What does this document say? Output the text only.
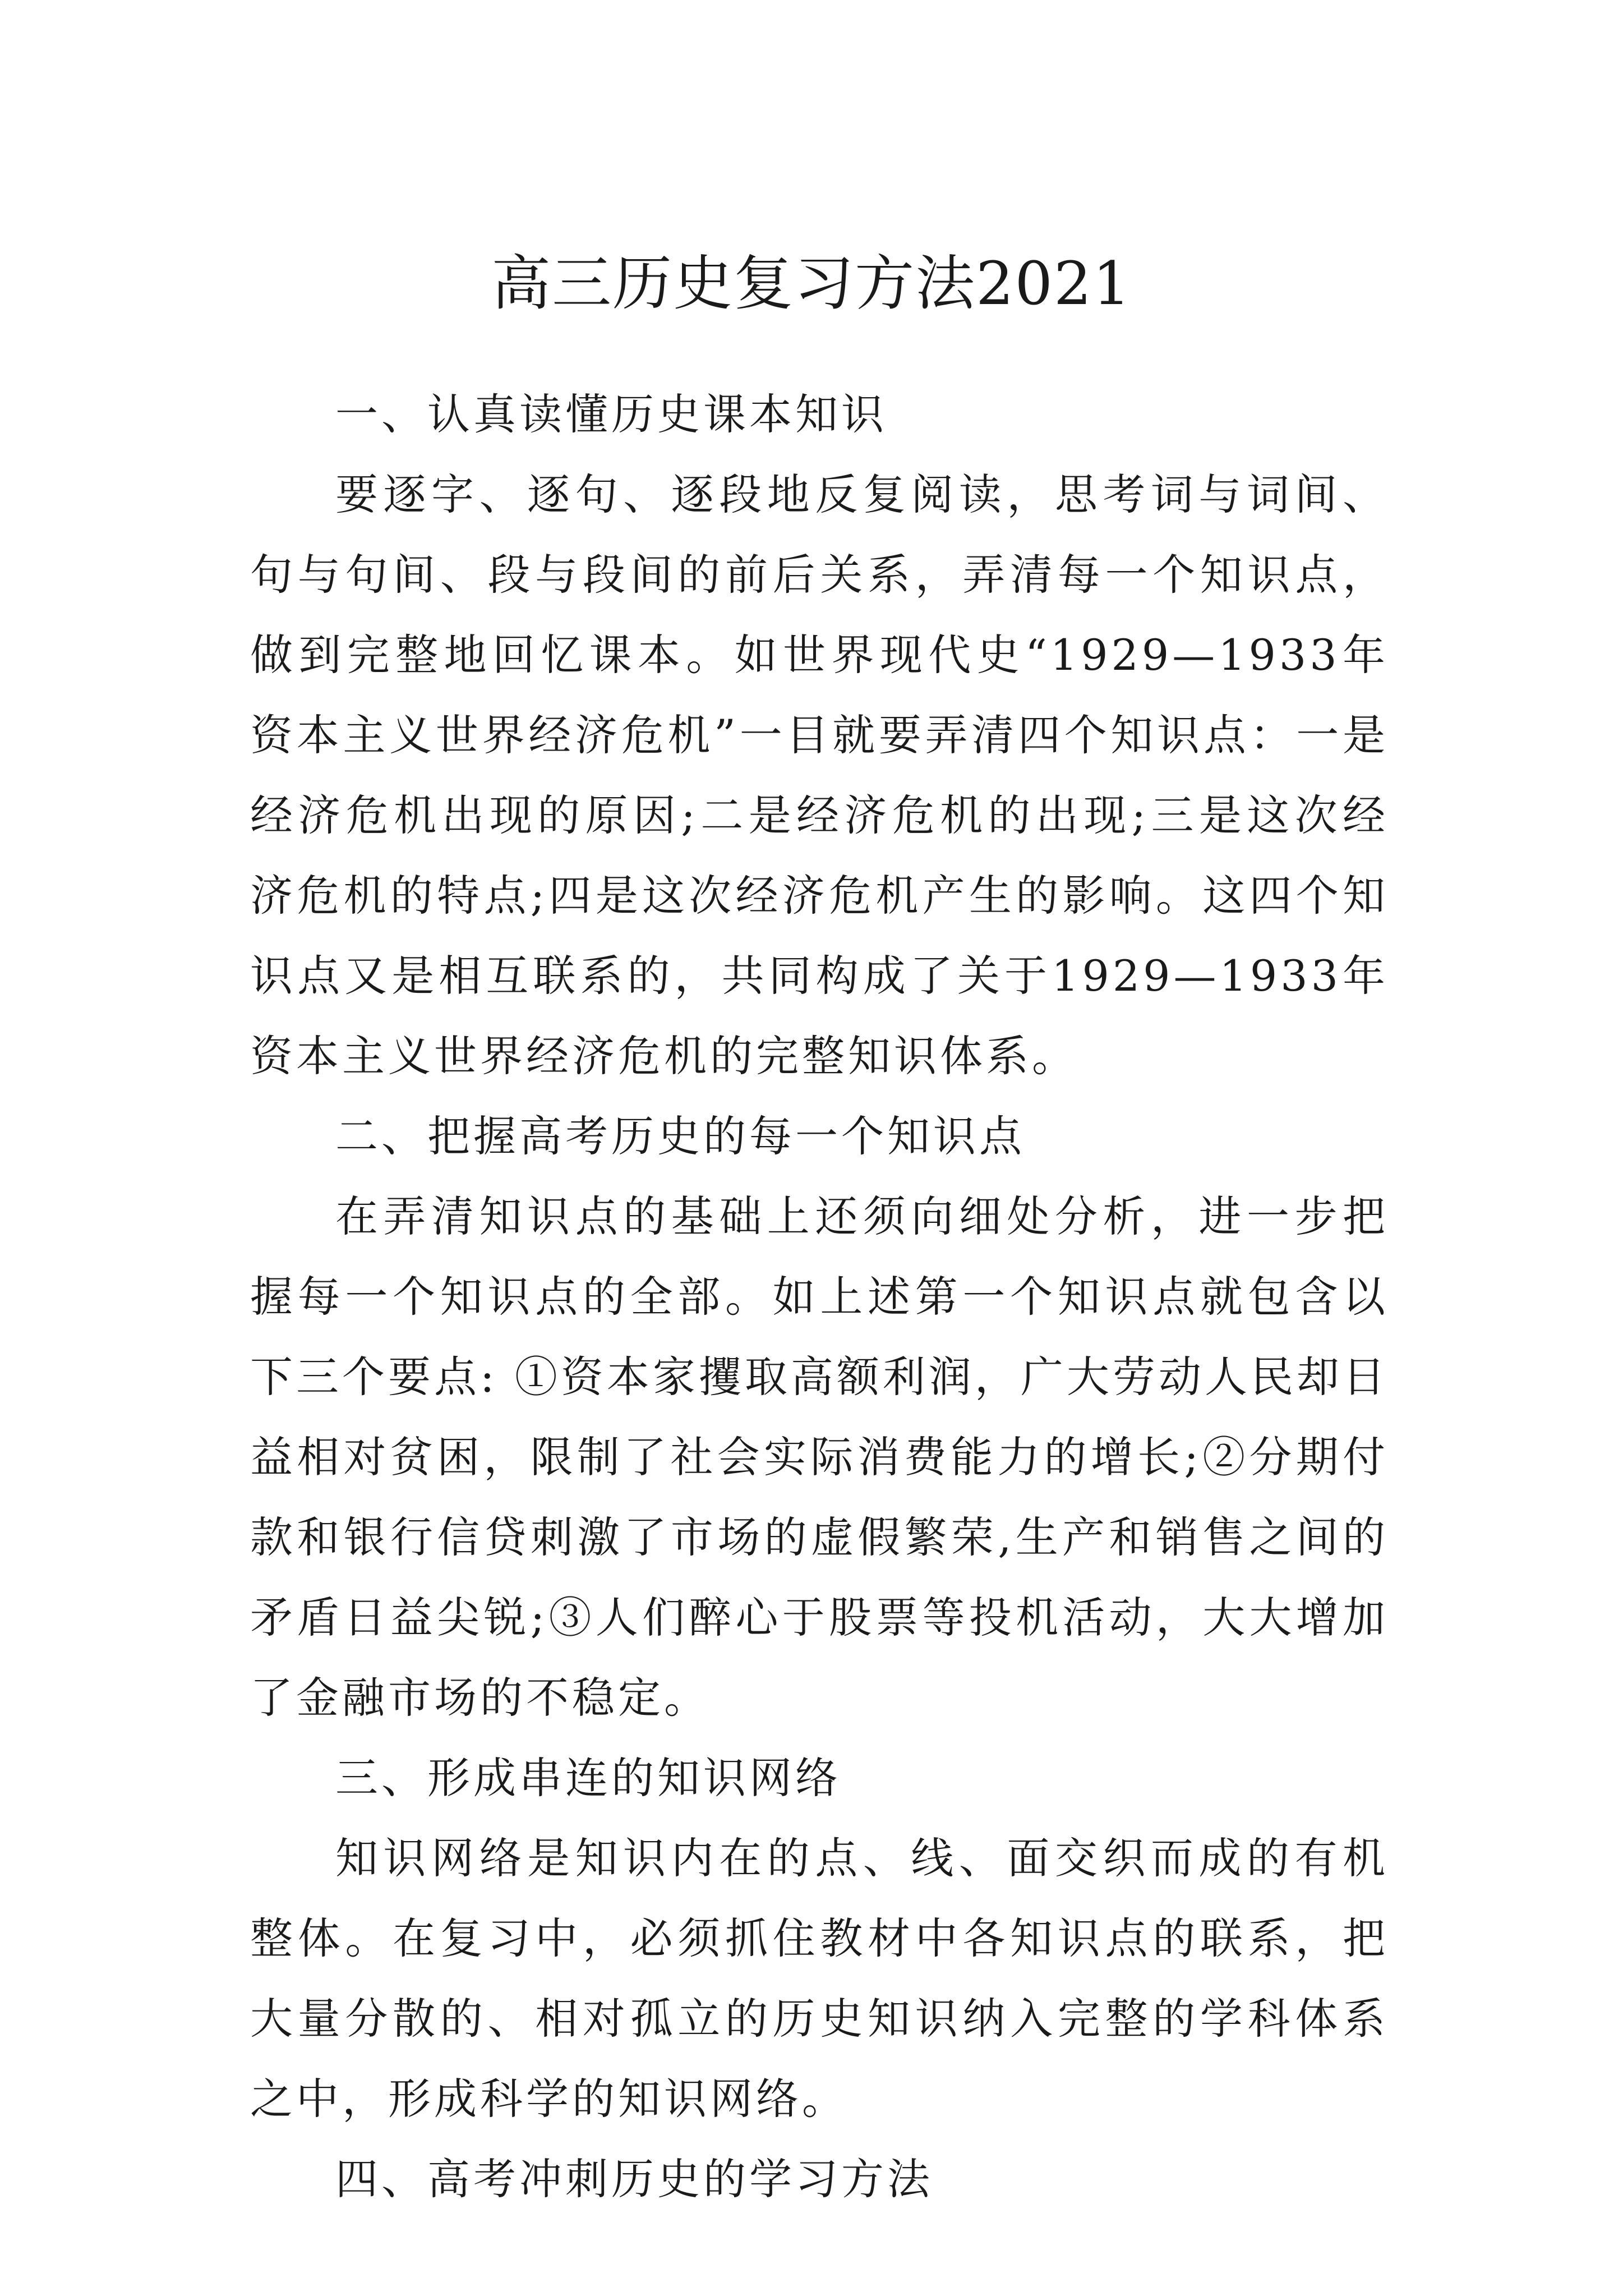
高三历史复习方法2021

一、认真读懂历史课本知识

要逐字、逐句、逐段地反复阅读，思考词与词间、句与句间、段与段间的前后关系，弄清每一个知识点，做到完整地回忆课本。如世界现代史“1929—1933年资本主义世界经济危机”一目就要弄清四个知识点：一是经济危机出现的原因;二是经济危机的出现;三是这次经济危机的特点;四是这次经济危机产生的影响。这四个知识点又是相互联系的，共同构成了关于1929—1933年资本主义世界经济危机的完整知识体系。

二、把握高考历史的每一个知识点

在弄清知识点的基础上还须向细处分析，进一步把握每一个知识点的全部。如上述第一个知识点就包含以下三个要点: ①资本家攫取高额利润，广大劳动人民却日益相对贫困，限制了社会实际消费能力的增长;②分期付款和银行信贷刺激了市场的虚假繁荣,生产和销售之间的矛盾日益尖锐;③人们醉心于股票等投机活动，大大增加了金融市场的不稳定。

三、形成串连的知识网络

知识网络是知识内在的点、线、面交织而成的有机整体。在复习中，必须抓住教材中各知识点的联系，把大量分散的、相对孤立的历史知识纳入完整的学科体系之中，形成科学的知识网络。

四、高考冲刺历史的学习方法
